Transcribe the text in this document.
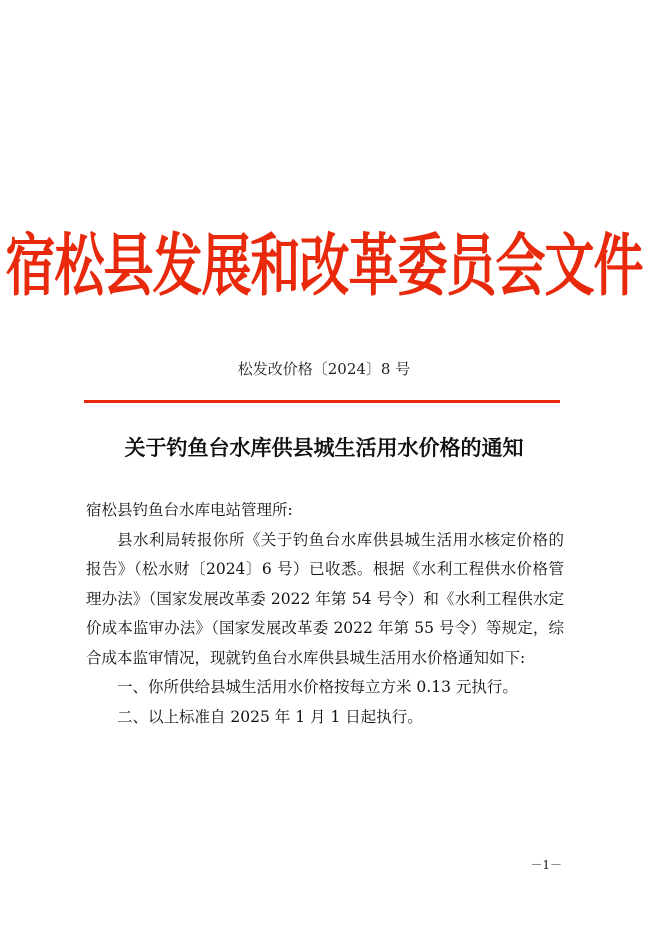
宿松县发展和改革委员会文件
松发改价格〔2024〕8 号
关于钓鱼台水库供县城生活用水价格的通知

宿松县钓鱼台水库电站管理所:

县水利局转报你所《关于钓鱼台水库供县城生活用水核定价格的报告》（松水财〔2024〕6 号）已收悉。根据《水利工程供水价格管理办法》（国家发展改革委 2022 年第 54 号令）和《水利工程供水定价成本监审办法》（国家发展改革委 2022 年第 55 号令）等规定，综合成本监审情况，现就钓鱼台水库供县城生活用水价格通知如下:

一、你所供给县城生活用水价格按每立方米 0.13 元执行。

二、以上标准自 2025 年 1 月 1 日起执行。

－1－
